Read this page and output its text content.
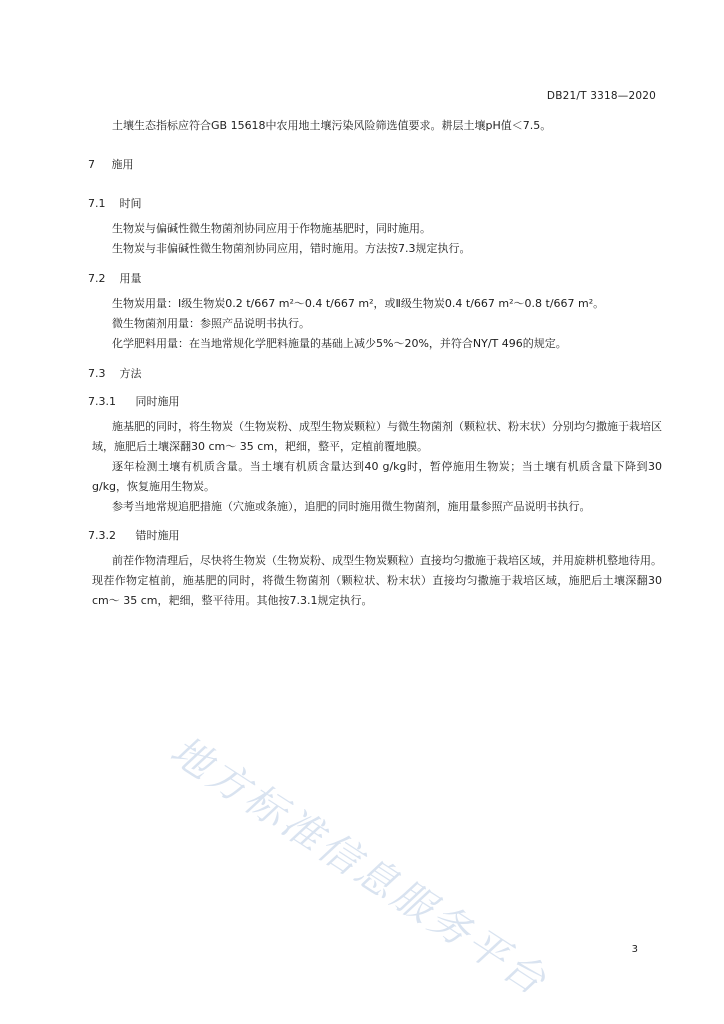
DB21/T 3318—2020

土壤生态指标应符合GB 15618中农用地土壤污染风险筛选值要求。耕层土壤pH值＜7.5。

7 施用
7.1 时间

生物炭与偏碱性微生物菌剂协同应用于作物施基肥时，同时施用。

生物炭与非偏碱性微生物菌剂协同应用，错时施用。方法按7.3规定执行。

7.2 用量

生物炭用量：Ⅰ级生物炭0.2 t/667 m²～0.4 t/667 m²，或Ⅱ级生物炭0.4 t/667 m²～0.8 t/667 m²。

微生物菌剂用量：参照产品说明书执行。

化学肥料用量：在当地常规化学肥料施量的基础上减少5%～20%，并符合NY/T 496的规定。

7.3 方法
7.3.1 同时施用

施基肥的同时，将生物炭（生物炭粉、成型生物炭颗粒）与微生物菌剂（颗粒状、粉末状）分别均匀撒施于栽培区域，施肥后土壤深翻30 cm～ 35 cm，耙细，整平，定植前覆地膜。

逐年检测土壤有机质含量。当土壤有机质含量达到40 g/kg时，暂停施用生物炭；当土壤有机质含量下降到30 g/kg，恢复施用生物炭。

参考当地常规追肥措施（穴施或条施），追肥的同时施用微生物菌剂，施用量参照产品说明书执行。

7.3.2 错时施用

前茬作物清理后，尽快将生物炭（生物炭粉、成型生物炭颗粒）直接均匀撒施于栽培区域，并用旋耕机整地待用。现茬作物定植前，施基肥的同时，将微生物菌剂（颗粒状、粉末状）直接均匀撒施于栽培区域，施肥后土壤深翻30 cm～ 35 cm，耙细，整平待用。其他按7.3.1规定执行。

地方标准信息服务平台	3
